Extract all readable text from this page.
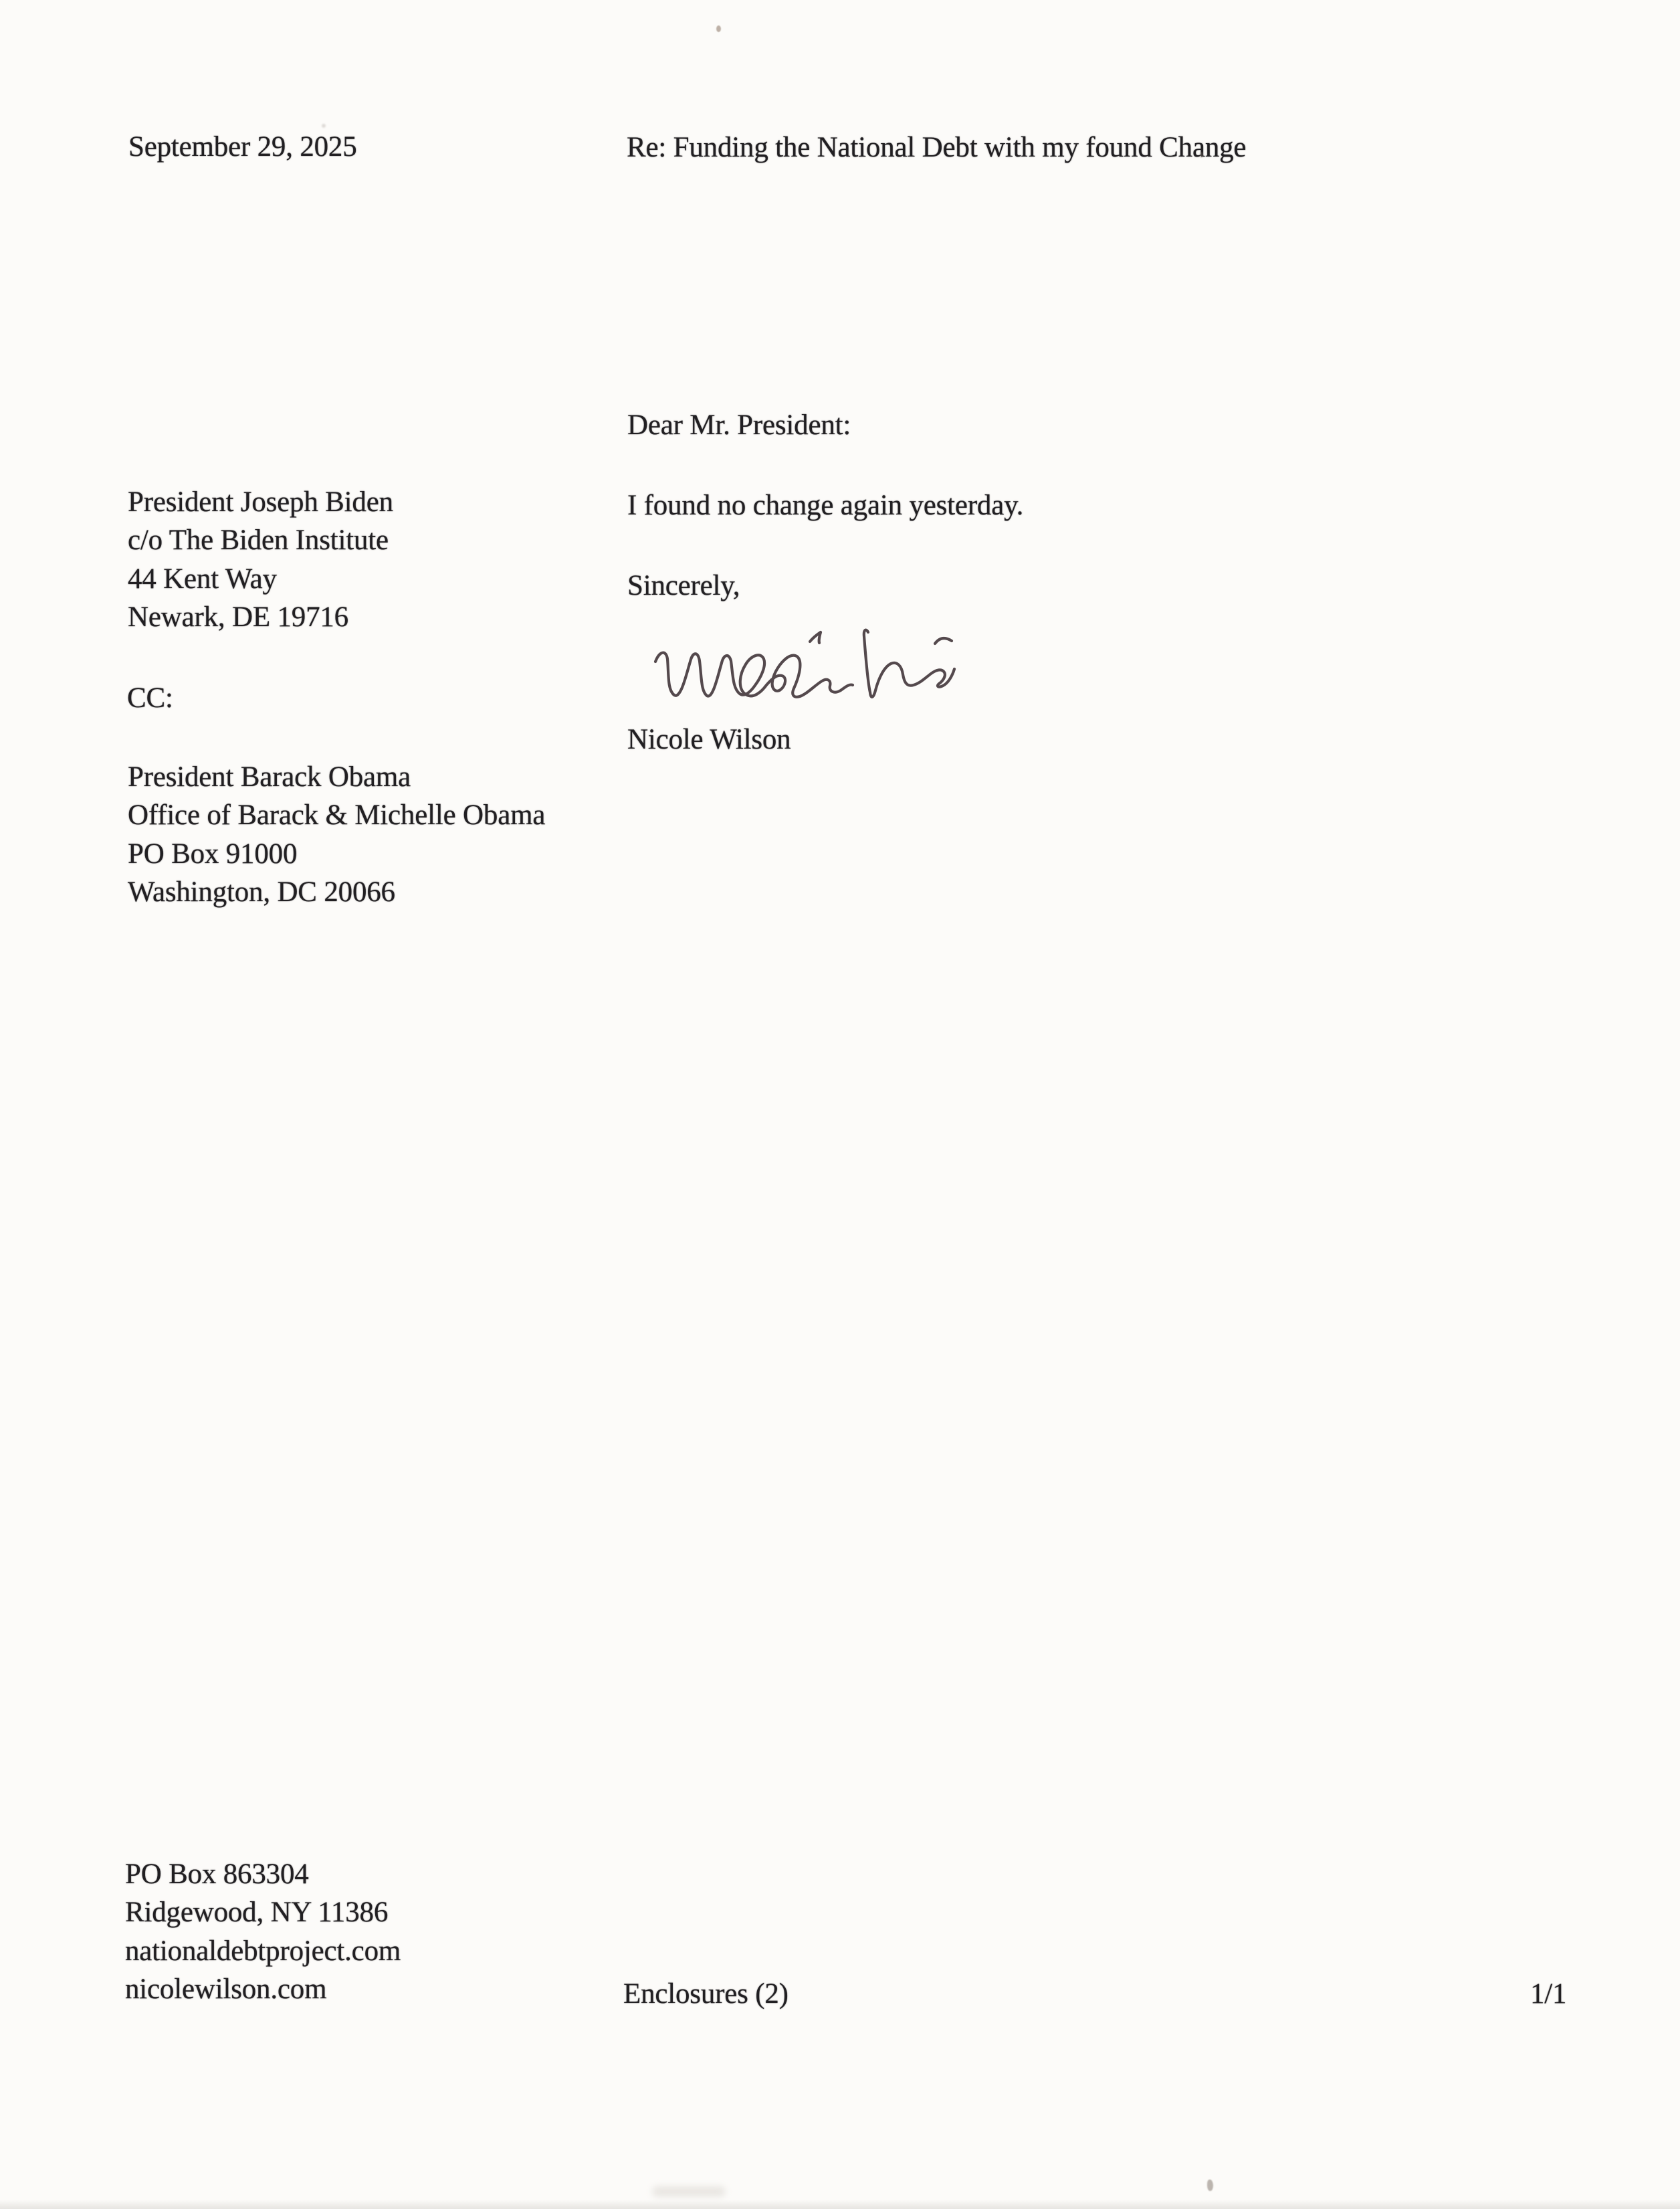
September 29, 2025
President Joseph Biden
c/o The Biden Institute
44 Kent Way
Newark, DE 19716
CC:
President Barack Obama
Office of Barack & Michelle Obama
PO Box 91000
Washington, DC 20066
PO Box 863304
Ridgewood, NY 11386
nationaldebtproject.com
nicolewilson.com
Re: Funding the National Debt with my found Change
Dear Mr. President:
I found no change again yesterday.
Sincerely,
Nicole Wilson
Enclosures (2)	1/1
